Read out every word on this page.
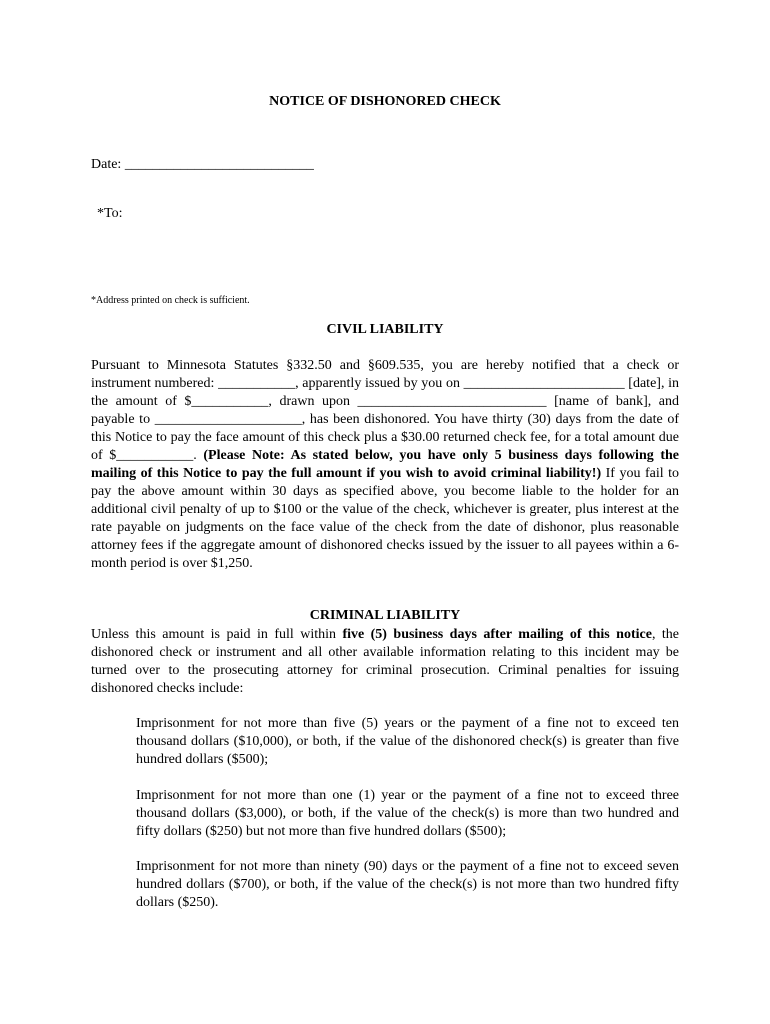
NOTICE OF DISHONORED CHECK
Date: ___________________________
*To:
*Address printed on check is sufficient.
CIVIL LIABILITY
Pursuant to Minnesota Statutes §332.50 and §609.535, you are hereby notified that a check or instrument numbered: ___________, apparently issued by you on _______________________ [date], in the amount of $___________, drawn upon ___________________________ [name of bank], and payable to _____________________, has been dishonored. You have thirty (30) days from the date of this Notice to pay the face amount of this check plus a $30.00 returned check fee, for a total amount due of $___________. (Please Note: As stated below, you have only 5 business days following the mailing of this Notice to pay the full amount if you wish to avoid criminal liability!) If you fail to pay the above amount within 30 days as specified above, you become liable to the holder for an additional civil penalty of up to $100 or the value of the check, whichever is greater, plus interest at the rate payable on judgments on the face value of the check from the date of dishonor, plus reasonable attorney fees if the aggregate amount of dishonored checks issued by the issuer to all payees within a 6-month period is over $1,250.
CRIMINAL LIABILITY
Unless this amount is paid in full within five (5) business days after mailing of this notice, the dishonored check or instrument and all other available information relating to this incident may be turned over to the prosecuting attorney for criminal prosecution. Criminal penalties for issuing dishonored checks include:
Imprisonment for not more than five (5) years or the payment of a fine not to exceed ten thousand dollars ($10,000), or both, if the value of the dishonored check(s) is greater than five hundred dollars ($500);
Imprisonment for not more than one (1) year or the payment of a fine not to exceed three thousand dollars ($3,000), or both, if the value of the check(s) is more than two hundred and fifty dollars ($250) but not more than five hundred dollars ($500);
Imprisonment for not more than ninety (90) days or the payment of a fine not to exceed seven hundred dollars ($700), or both, if the value of the check(s) is not more than two hundred fifty dollars ($250).
